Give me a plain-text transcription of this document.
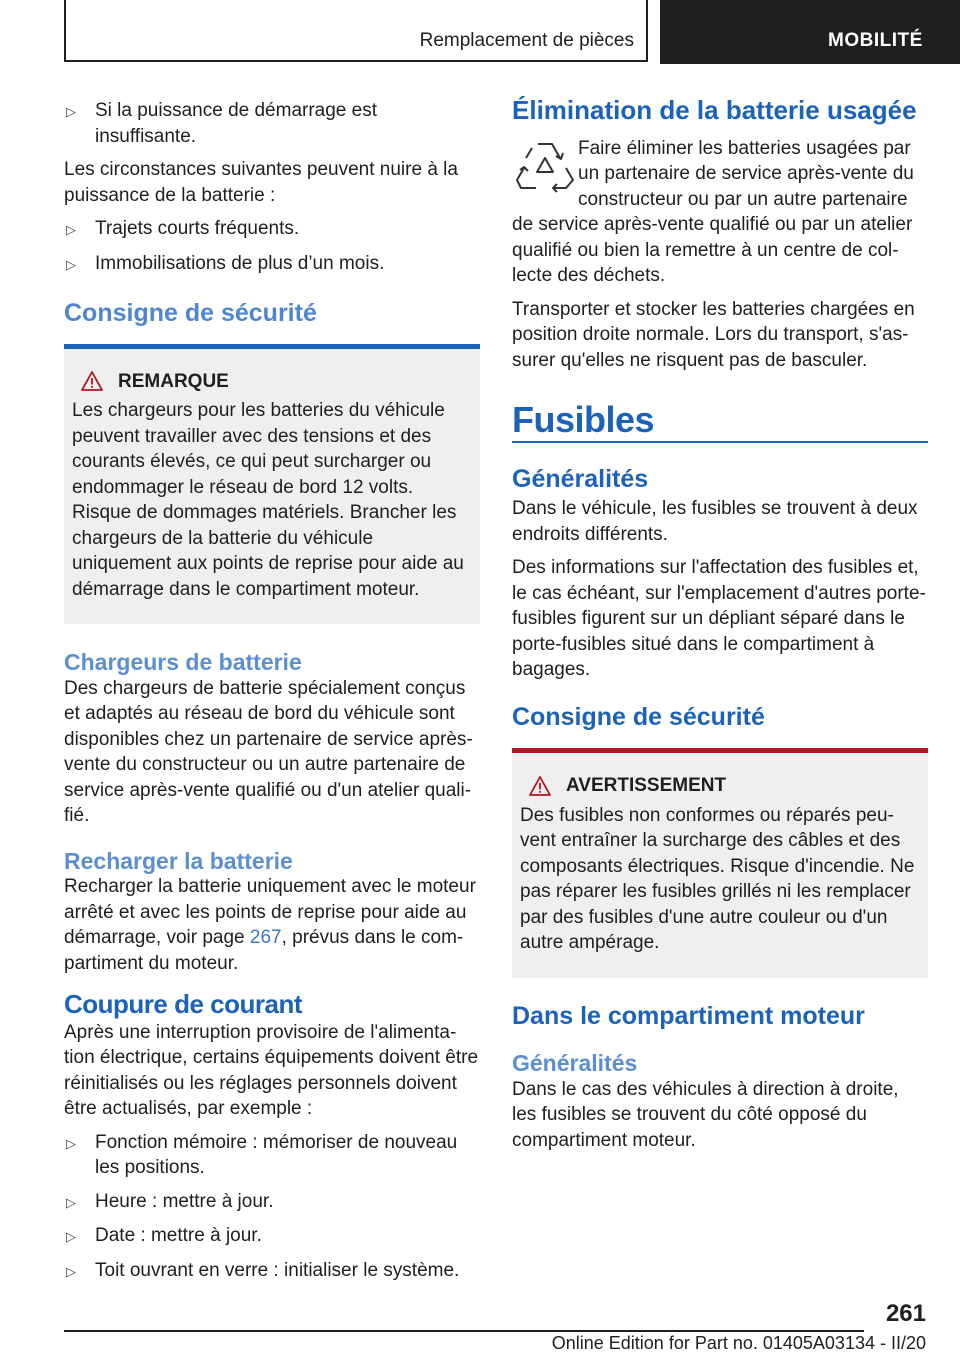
Remplacement de pièces	MOBILITÉ
▷	Si la puissance de démarrage est insuffisante.

Les circonstances suivantes peuvent nuire à la puissance de la batterie :

▷	Trajets courts fréquents.
▷	Immobilisations de plus d’un mois.
Consigne de sécurité
REMARQUE
Les chargeurs pour les batteries du véhicule peuvent travailler avec des tensions et des courants élevés, ce qui peut surcharger ou endommager le réseau de bord 12 volts. Risque de dommages matériels. Brancher les chargeurs de la batterie du véhicule uniquement aux points de reprise pour aide au démarrage dans le compartiment moteur.
Chargeurs de batterie

Des chargeurs de batterie spécialement conçus et adaptés au réseau de bord du véhicule sont disponibles chez un partenaire de service après-vente du constructeur ou un autre partenaire de service après-vente qualifié ou d'un atelier qualifié.

Recharger la batterie

Recharger la batterie uniquement avec le moteur arrêté et avec les points de reprise pour aide au démarrage, voir page 267, prévus dans le compartiment du moteur.

Coupure de courant

Après une interruption provisoire de l'alimentation électrique, certains équipements doivent être réinitialisés ou les réglages personnels doivent être actualisés, par exemple :

▷	Fonction mémoire : mémoriser de nouveau les positions.
▷	Heure : mettre à jour.
▷	Date : mettre à jour.
▷	Toit ouvrant en verre : initialiser le système.
Élimination de la batterie usagée

Faire éliminer les batteries usagées par un partenaire de service après-vente du constructeur ou par un autre partenaire de service après-vente qualifié ou par un atelier qualifié ou bien la remettre à un centre de collecte des déchets.

Transporter et stocker les batteries chargées en position droite normale. Lors du transport, s'assurer qu'elles ne risquent pas de basculer.

Fusibles
Généralités

Dans le véhicule, les fusibles se trouvent à deux endroits différents.

Des informations sur l'affectation des fusibles et, le cas échéant, sur l'emplacement d'autres porte-fusibles figurent sur un dépliant séparé dans le porte-fusibles situé dans le compartiment à bagages.

Consigne de sécurité
AVERTISSEMENT
Des fusibles non conformes ou réparés peuvent entraîner la surcharge des câbles et des composants électriques. Risque d'incendie. Ne pas réparer les fusibles grillés ni les remplacer par des fusibles d'une autre couleur ou d'un autre ampérage.
Dans le compartiment moteur
Généralités

Dans le cas des véhicules à direction à droite, les fusibles se trouvent du côté opposé du compartiment moteur.

261
Online Edition for Part no. 01405A03134 - II/20
